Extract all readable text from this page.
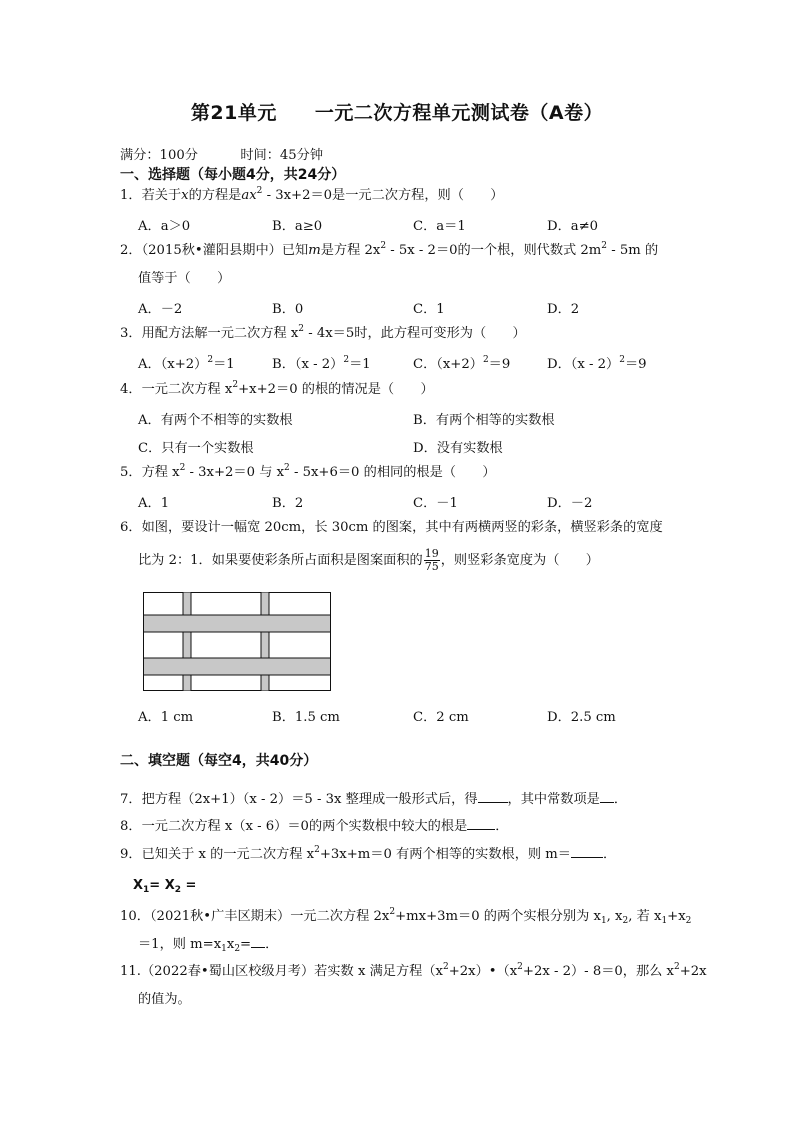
第21单元 一元二次方程单元测试卷（A卷）
满分：100分	时间：45分钟
一、选择题（每小题4分，共24分）
1．若关于x的方程是$ax^2 - 3x+2=0$是一元二次方程，则（　　）
A．a＞0	B．a≥0	C．a＝1	D．a≠0
2．（2015秋•灌阳县期中）已知m是方程 $2x^2 - 5x - 2=0$的一个根，则代数式 $2m^2 - 5m$ 的
值等于（　　）
A．－2	B．0	C．1	D．2
3．用配方法解一元二次方程 $x^2 - 4x=5$时，此方程可变形为（　　）
A．$(x+2)^2=1$	B．（x - 2）$^2$＝1	C．$(x+2)^2=9$	D．（x - 2）$^2$＝9
4．一元二次方程 $x^2+x+2=0$ 的根的情况是（　　）
A．有两个不相等的实数根	B．有两个相等的实数根
C．只有一个实数根	D．没有实数根
5．方程 $x^2 - 3x+2=0$ 与 $x^2 - 5x+6=0$ 的相同的根是（　　）
A．1	B．2	C．－1	D．－2
6．如图，要设计一幅宽 20cm，长 30cm 的图案，其中有两横两竖的彩条，横竖彩条的宽度
比为 2：1．如果要使彩条所占面积是图案面积的 $\frac{19}{75}$ ，则竖彩条宽度为（　　）
A．1 cm	B．1.5 cm	C．2 cm	D．2.5 cm
二、填空题（每空4，共40分）
7．把方程（2x+1）（x - 2）＝5 - 3x 整理成一般形式后，得 ，其中常数项是 ．
8．一元二次方程 x（x - 6）＝0的两个实数根中较大的根是 ．
9．已知关于 x 的一元二次方程 $x^2+3x+m=0$ 有两个相等的实数根，则 m＝ ．
$X_1= X_2$ =
10．（2021秋•广丰区期末）一元二次方程 $2x^2+mx+3m=0$ 的两个实根分别为 $x_1$, $x_2$, 若 $x_1+x_2$
＝1，则 $m=x_1x_2=$ ．
11.（2022春•蜀山区校级月考）若实数 x 满足方程$(x^2+2x)•(x^2+2x - 2)-$ 8＝0，那么 $x^2+2x$
的值为。
